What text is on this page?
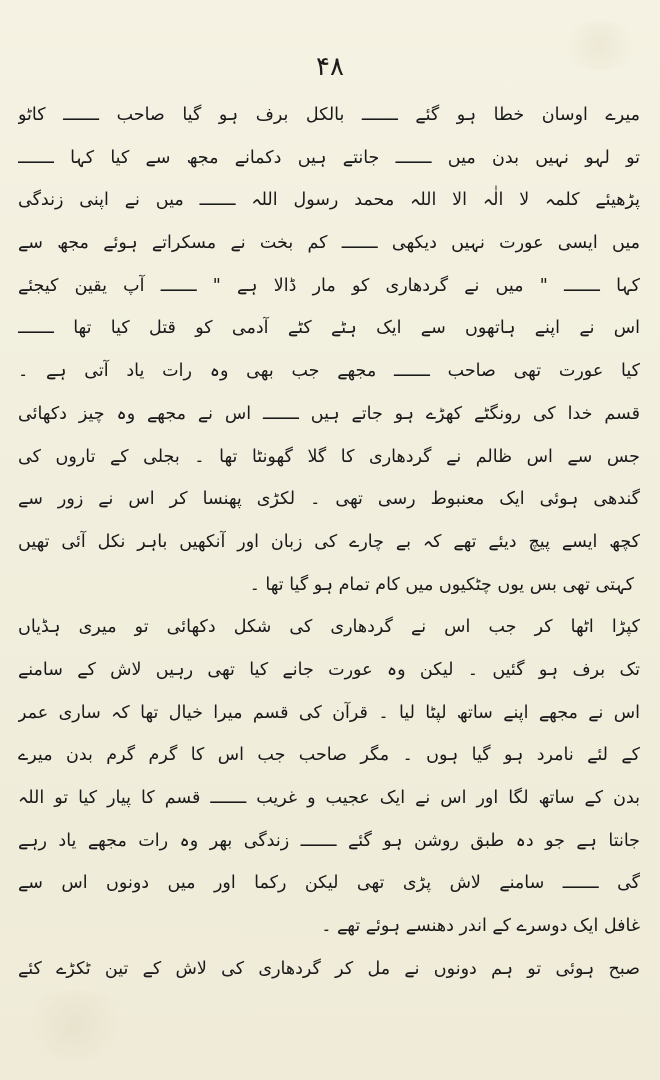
۴۸
میرے اوسان خطا ہو گئے ـــــــ بالکل برف ہو گیا صاحب ـــــــ کاٹو
تو لہو نہیں بدن میں ـــــــ جانتے ہیں دکمانے مجھ سے کیا کہا ـــــــ
پڑھیئے کلمہ لا الٰہ الا اللہ محمد رسول اللہ ـــــــ میں نے اپنی زندگی
میں ایسی عورت نہیں دیکھی ـــــــ کم بخت نے مسکراتے ہوئے مجھ سے
کہا ـــــــ " میں نے گردھاری کو مار ڈالا ہے " ـــــــ آپ یقین کیجئے
اس نے اپنے ہاتھوں سے ایک ہٹے کٹے آدمی کو قتل کیا تھا ـــــــ
کیا عورت تھی صاحب ـــــــ مجھے جب بھی وہ رات یاد آتی ہے ۔
قسم خدا کی رونگٹے کھڑے ہو جاتے ہیں ـــــــ اس نے مجھے وہ چیز دکھائی
جس سے اس ظالم نے گردھاری کا گلا گھونٹا تھا ۔ بجلی کے تاروں کی
گندھی ہوئی ایک معنبوط رسی تھی ۔ لکڑی پھنسا کر اس نے زور سے
کچھ ایسے پیچ دیئے تھے کہ بے چارے کی زبان اور آنکھیں باہر نکل آئی تھیں
کہتی تھی بس یوں چٹکیوں میں کام تمام ہو گیا تھا ۔
کپڑا اٹھا کر جب اس نے گردھاری کی شکل دکھائی تو میری ہڈیاں
تک برف ہو گئیں ۔ لیکن وہ عورت جانے کیا تھی رہیں لاش کے سامنے
اس نے مجھے اپنے ساتھ لپٹا لیا ۔ قرآن کی قسم میرا خیال تھا کہ ساری عمر
کے لئے نامرد ہو گیا ہوں ۔ مگر صاحب جب اس کا گرم گرم بدن میرے
بدن کے ساتھ لگا اور اس نے ایک عجیب و غریب ـــــــ قسم کا پیار کیا تو اللہ
جانتا ہے جو دہ طبق روشن ہو گئے ـــــــ زندگی بھر وہ رات مجھے یاد رہے
گی ـــــــ سامنے لاش پڑی تھی لیکن رکما اور میں دونوں اس سے
غافل ایک دوسرے کے اندر دھنسے ہوئے تھے ۔
صبح ہوئی تو ہم دونوں نے مل کر گردھاری کی لاش کے تین ٹکڑے کئے
